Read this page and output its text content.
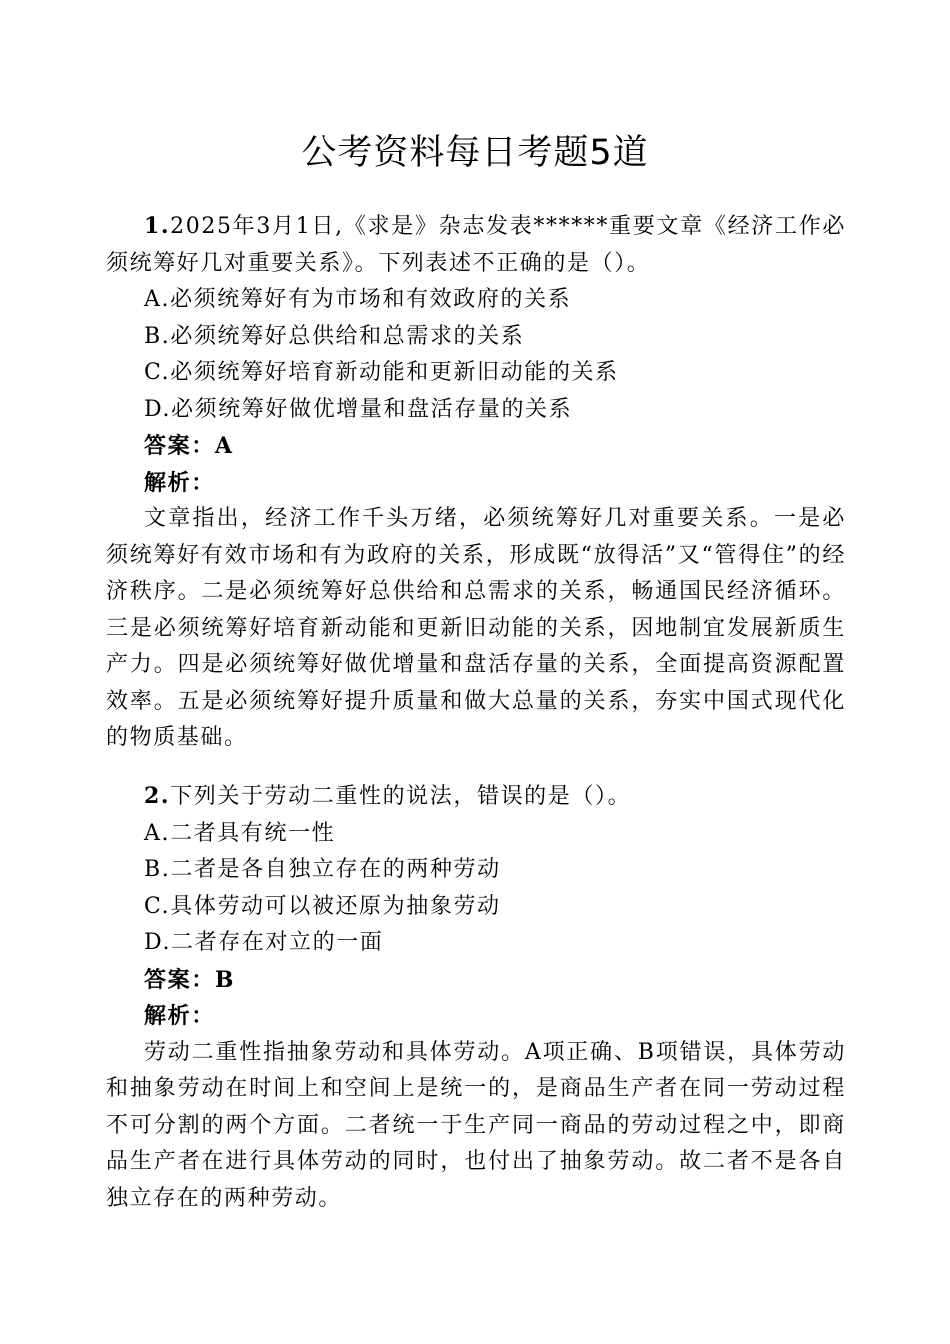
公考资料每日考题5道

1.2025年3月1日,《求是》杂志发表******重要文章《经济工作必须统筹好几对重要关系》。下列表述不正确的是（）。

A.必须统筹好有为市场和有效政府的关系

B.必须统筹好总供给和总需求的关系

C.必须统筹好培育新动能和更新旧动能的关系

D.必须统筹好做优增量和盘活存量的关系

答案：A

解析：

文章指出，经济工作千头万绪，必须统筹好几对重要关系。一是必须统筹好有效市场和有为政府的关系，形成既“放得活”又“管得住”的经济秩序。二是必须统筹好总供给和总需求的关系，畅通国民经济循环。三是必须统筹好培育新动能和更新旧动能的关系，因地制宜发展新质生产力。四是必须统筹好做优增量和盘活存量的关系，全面提高资源配置效率。五是必须统筹好提升质量和做大总量的关系，夯实中国式现代化的物质基础。

2.下列关于劳动二重性的说法，错误的是（）。

A.二者具有统一性

B.二者是各自独立存在的两种劳动

C.具体劳动可以被还原为抽象劳动

D.二者存在对立的一面

答案：B

解析：

劳动二重性指抽象劳动和具体劳动。A项正确、B项错误，具体劳动和抽象劳动在时间上和空间上是统一的，是商品生产者在同一劳动过程不可分割的两个方面。二者统一于生产同一商品的劳动过程之中，即商品生产者在进行具体劳动的同时，也付出了抽象劳动。故二者不是各自独立存在的两种劳动。
